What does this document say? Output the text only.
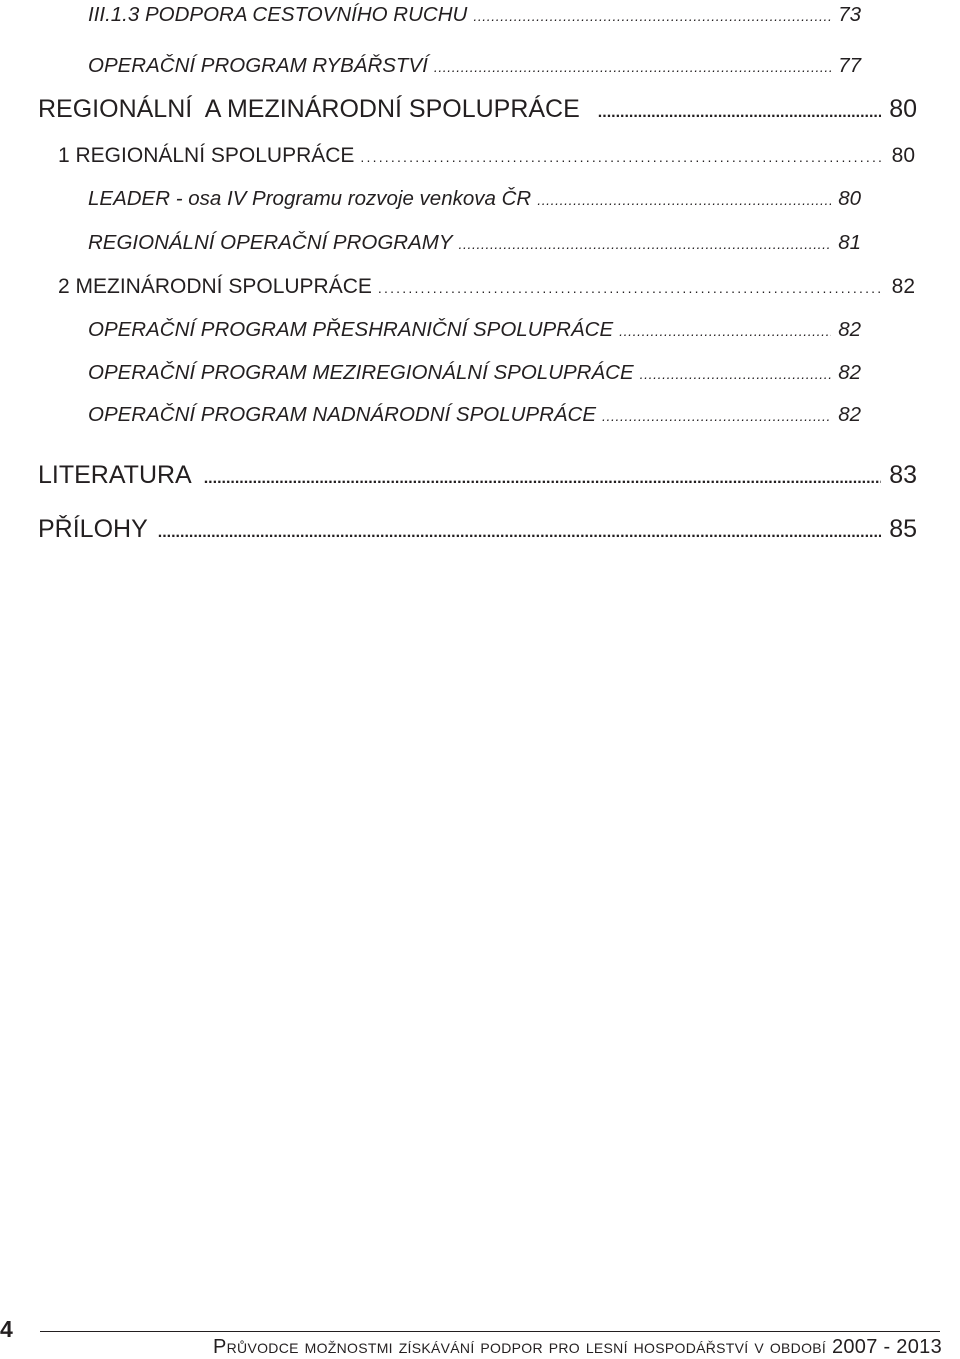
III.1.3 PODPORA CESTOVNÍHO RUCHU .....	73
OPERAČNÍ PROGRAM RYBÁŘSTVÍ .....	77
REGIONÁLNÍ  A MEZINÁRODNÍ SPOLUPRÁCE .....	80
1 REGIONÁLNÍ SPOLUPRÁCE .....	80
LEADER - osa IV Programu rozvoje venkova ČR .....	80
REGIONÁLNÍ OPERAČNÍ PROGRAMY .....	81
2 MEZINÁRODNÍ SPOLUPRÁCE .....	82
OPERAČNÍ PROGRAM PŘESHRANIČNÍ SPOLUPRÁCE .....	82
OPERAČNÍ PROGRAM MEZIREGIONÁLNÍ SPOLUPRÁCE .....	82
OPERAČNÍ PROGRAM NADNÁRODNÍ SPOLUPRÁCE .....	82
LITERATURA .....	83
PŘÍLOHY .....	85
4
Průvodce možnostmi získávání podpor pro lesní hospodářství v období 2007 - 2013
